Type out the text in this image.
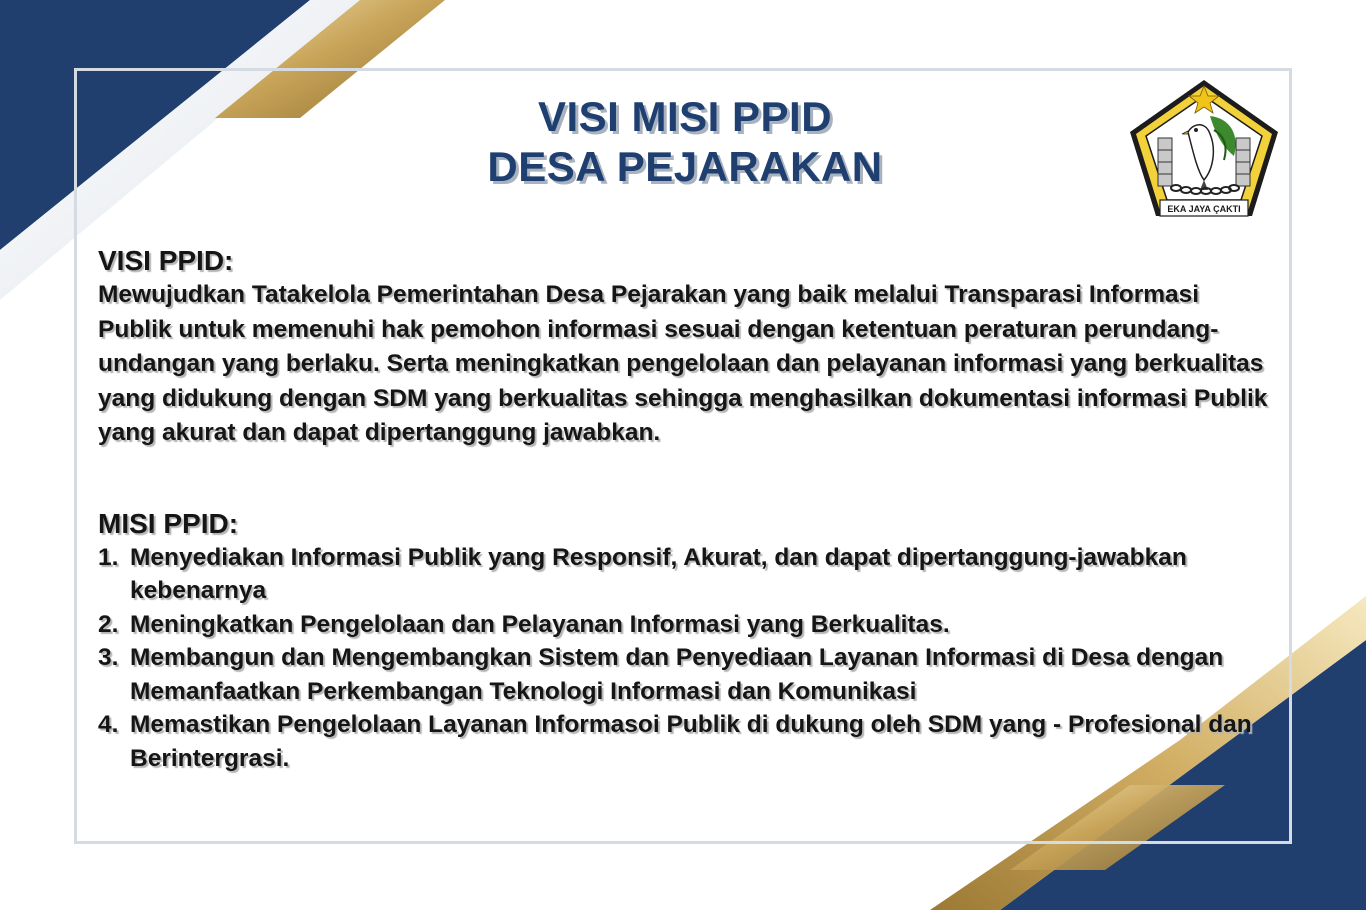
VISI MISI PPID
DESA PEJARAKAN
EKA JAYA ÇAKTI
VISI PPID:

Mewujudkan Tatakelola Pemerintahan Desa Pejarakan yang baik melalui Transparasi Informasi Publik untuk memenuhi hak pemohon informasi sesuai dengan ketentuan peraturan perundang-undangan yang berlaku. Serta meningkatkan pengelolaan dan pelayanan informasi yang berkualitas yang didukung dengan SDM yang berkualitas sehingga menghasilkan dokumentasi informasi Publik yang akurat dan dapat dipertanggung jawabkan.

MISI PPID:
1. Menyediakan Informasi Publik yang Responsif, Akurat, dan dapat dipertanggung-jawabkan kebenarnya
2. Meningkatkan Pengelolaan dan Pelayanan Informasi yang Berkualitas.
3. Membangun dan Mengembangkan Sistem dan Penyediaan Layanan Informasi di Desa dengan Memanfaatkan Perkembangan Teknologi Informasi dan Komunikasi
4. Memastikan Pengelolaan Layanan Informasoi Publik di dukung oleh SDM yang - Profesional dan Berintergrasi.
